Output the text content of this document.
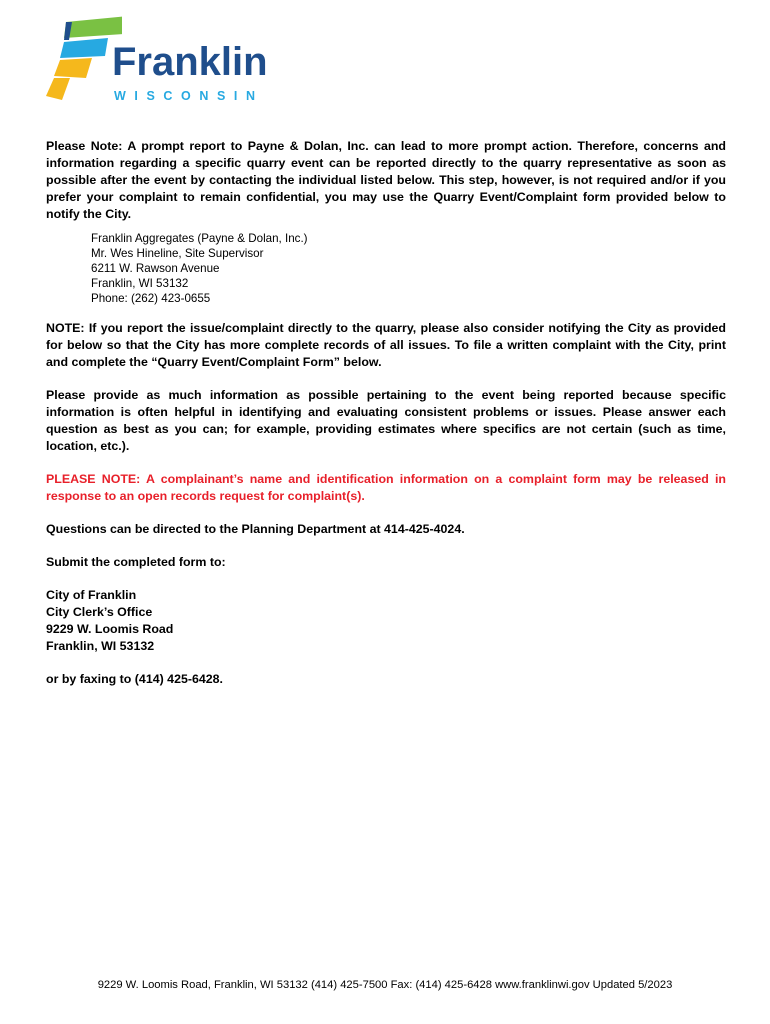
Franklin
WISCONSIN

Please Note: A prompt report to Payne & Dolan, Inc. can lead to more prompt action. Therefore, concerns and information regarding a specific quarry event can be reported directly to the quarry representative as soon as possible after the event by contacting the individual listed below. This step, however, is not required and/or if you prefer your complaint to remain confidential, you may use the Quarry Event/Complaint form provided below to notify the City.

Franklin Aggregates (Payne & Dolan, Inc.)
Mr. Wes Hineline, Site Supervisor
6211 W. Rawson Avenue
Franklin, WI 53132
Phone: (262) 423-0655

NOTE: If you report the issue/complaint directly to the quarry, please also consider notifying the City as provided for below so that the City has more complete records of all issues. To file a written complaint with the City, print and complete the “Quarry Event/Complaint Form” below.

Please provide as much information as possible pertaining to the event being reported because specific information is often helpful in identifying and evaluating consistent problems or issues. Please answer each question as best as you can; for example, providing estimates where specifics are not certain (such as time, location, etc.).

PLEASE NOTE: A complainant’s name and identification information on a complaint form may be released in response to an open records request for complaint(s).

Questions can be directed to the Planning Department at 414-425-4024.

Submit the completed form to:

City of Franklin
City Clerk’s Office
9229 W. Loomis Road
Franklin, WI 53132

or by faxing to (414) 425-6428.

9229 W. Loomis Road, Franklin, WI 53132 (414) 425-7500 Fax: (414) 425-6428 www.franklinwi.gov Updated 5/2023
